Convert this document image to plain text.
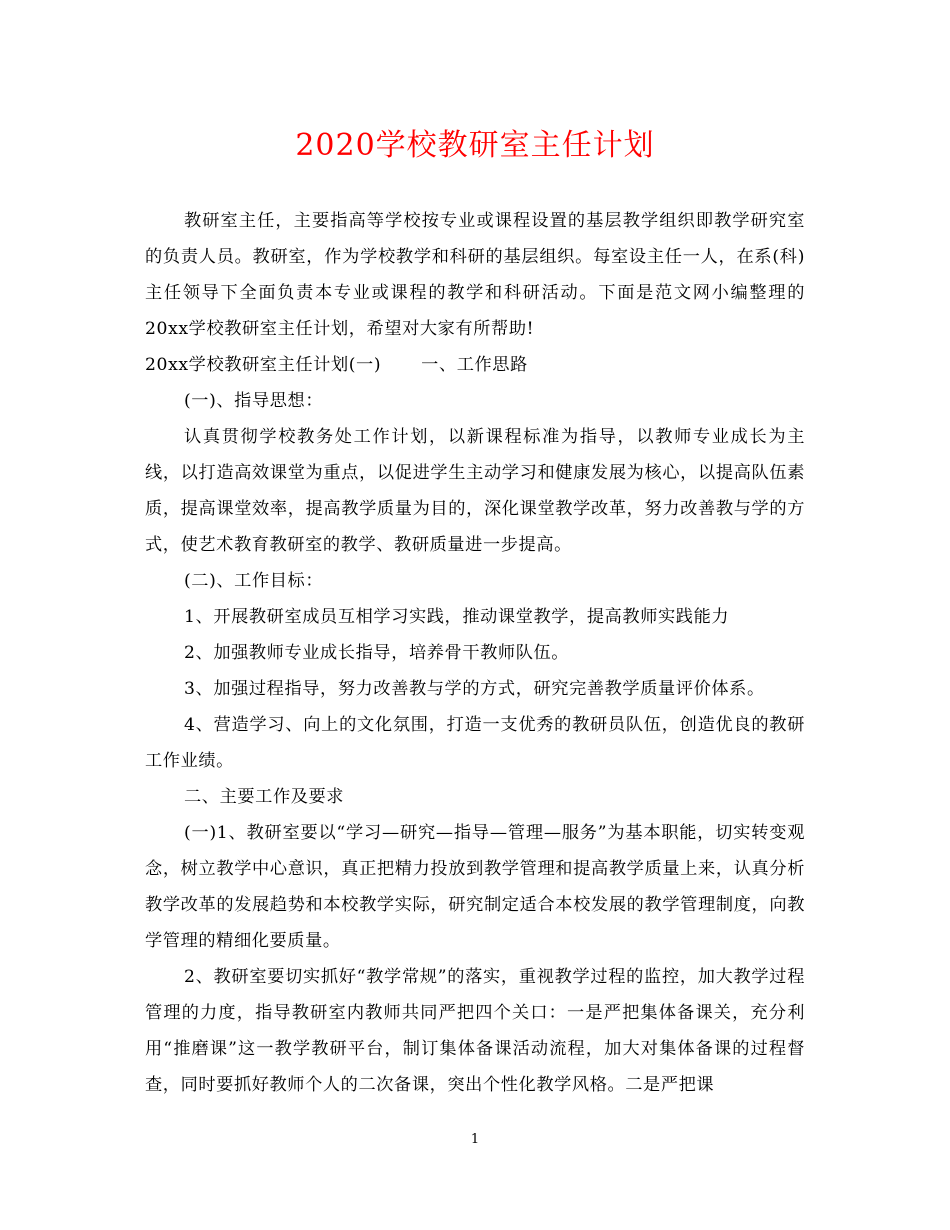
2020学校教研室主任计划

教研室主任，主要指高等学校按专业或课程设置的基层教学组织即教学研究室的负责人员。教研室，作为学校教学和科研的基层组织。每室设主任一人，在系(科)主任领导下全面负责本专业或课程的教学和科研活动。下面是范文网小编整理的20xx学校教研室主任计划，希望对大家有所帮助!

20xx学校教研室主任计划(一) 一、工作思路

(一)、指导思想：

认真贯彻学校教务处工作计划，以新课程标准为指导，以教师专业成长为主线，以打造高效课堂为重点，以促进学生主动学习和健康发展为核心，以提高队伍素质，提高课堂效率，提高教学质量为目的，深化课堂教学改革，努力改善教与学的方式，使艺术教育教研室的教学、教研质量进一步提高。

(二)、工作目标：

1、开展教研室成员互相学习实践，推动课堂教学，提高教师实践能力

2、加强教师专业成长指导，培养骨干教师队伍。

3、加强过程指导，努力改善教与学的方式，研究完善教学质量评价体系。

4、营造学习、向上的文化氛围，打造一支优秀的教研员队伍，创造优良的教研工作业绩。

二、主要工作及要求

(一)1、教研室要以“学习—研究—指导—管理—服务”为基本职能，切实转变观念，树立教学中心意识，真正把精力投放到教学管理和提高教学质量上来，认真分析教学改革的发展趋势和本校教学实际，研究制定适合本校发展的教学管理制度，向教学管理的精细化要质量。

2、教研室要切实抓好“教学常规”的落实，重视教学过程的监控，加大教学过程管理的力度，指导教研室内教师共同严把四个关口：一是严把集体备课关，充分利用“推磨课”这一教学教研平台，制订集体备课活动流程，加大对集体备课的过程督查，同时要抓好教师个人的二次备课，突出个性化教学风格。二是严把课

1
